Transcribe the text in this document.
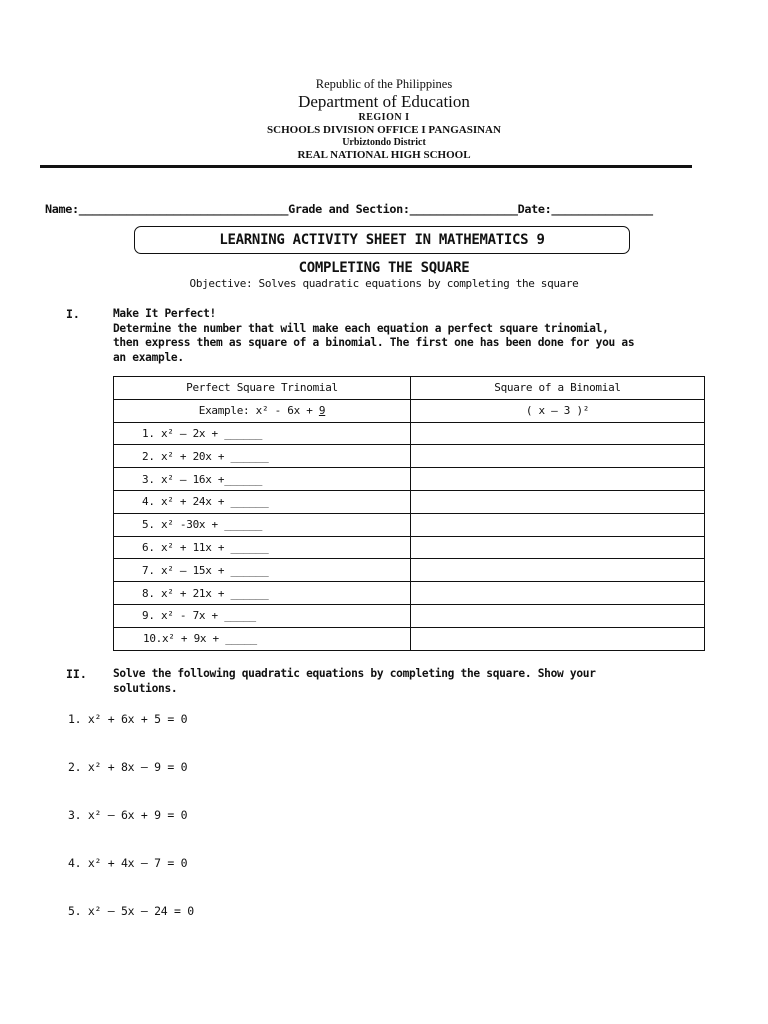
Republic of the Philippines
Department of Education
REGION I
SCHOOLS DIVISION OFFICE I PANGASINAN
Urbiztondo District
REAL NATIONAL HIGH SCHOOL
Name:_______________________________Grade and Section:________________Date:_______________
LEARNING ACTIVITY SHEET IN MATHEMATICS 9
COMPLETING THE SQUARE
Objective: Solves quadratic equations by completing the square
I.	Make It Perfect!
Determine the number that will make each equation a perfect square trinomial,
then express them as square of a binomial. The first one has been done for you as
an example.
Perfect Square Trinomial	Square of a Binomial
Example: x² - 6x + 9	( x – 3 )²
1. x² – 2x + ______	
2. x² + 20x + ______	
3. x² – 16x +______	
4. x² + 24x + ______	
5. x² -30x + ______	
6. x² + 11x + ______	
7. x² – 15x + ______	
8. x² + 21x + ______	
9. x² - 7x + _____	
10.x² + 9x + _____	
II. Solve the following quadratic equations by completing the square. Show your
solutions.
1. x² + 6x + 5 = 0
2. x² + 8x – 9 = 0
3. x² – 6x + 9 = 0
4. x² + 4x – 7 = 0
5. x² – 5x – 24 = 0
